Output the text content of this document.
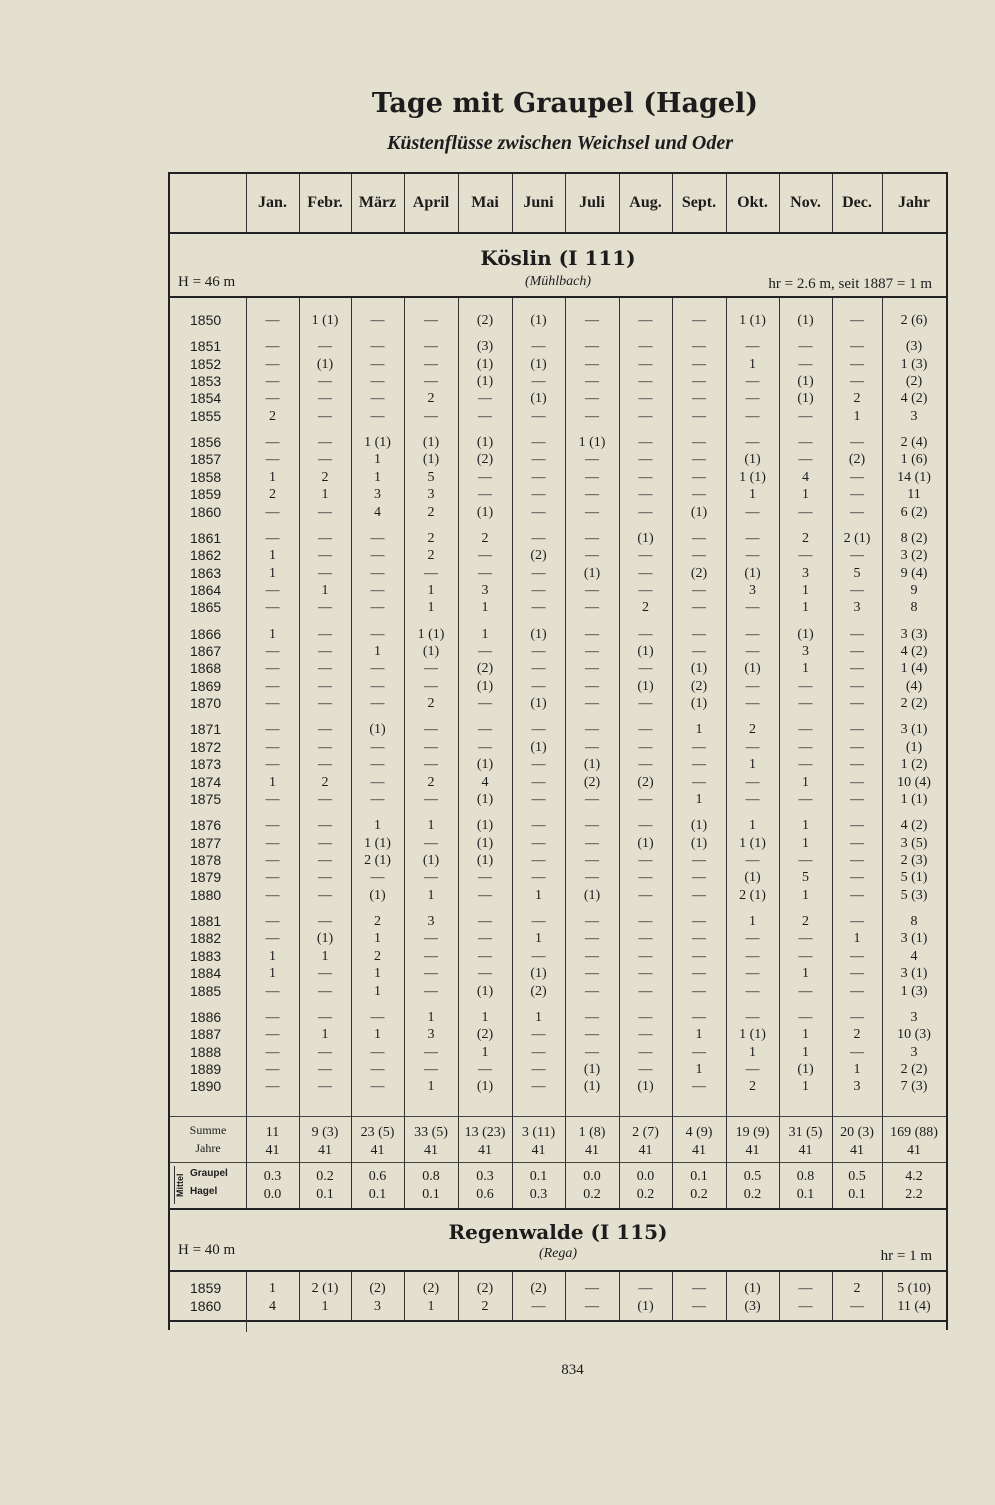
Tage mit Graupel (Hagel)
Küstenflüsse zwischen Weichsel und Oder
Jan.	Febr.	März	April	Mai	Juni	Juli	Aug.	Sept.	Okt.	Nov.	Dec.	Jahr
Köslin (I 111)
(Mühlbach)
H = 46 m	hr = 2.6 m, seit 1887 = 1 m
1850	—	1 (1)	—	—	(2)	(1)	—	—	—	1 (1)	(1)	—	2 (6)
1851	—	—	—	—	(3)	—	—	—	—	—	—	—	(3)
1852	—	(1)	—	—	(1)	(1)	—	—	—	1	—	—	1 (3)
1853	—	—	—	—	(1)	—	—	—	—	—	(1)	—	(2)
1854	—	—	—	2	—	(1)	—	—	—	—	(1)	2	4 (2)
1855	2	—	—	—	—	—	—	—	—	—	—	1	3
1856	—	—	1 (1)	(1)	(1)	—	1 (1)	—	—	—	—	—	2 (4)
1857	—	—	1	(1)	(2)	—	—	—	—	(1)	—	(2)	1 (6)
1858	1	2	1	5	—	—	—	—	—	1 (1)	4	—	14 (1)
1859	2	1	3	3	—	—	—	—	—	1	1	—	11
1860	—	—	4	2	(1)	—	—	—	(1)	—	—	—	6 (2)
1861	—	—	—	2	2	—	—	(1)	—	—	2	2 (1)	8 (2)
1862	1	—	—	2	—	(2)	—	—	—	—	—	—	3 (2)
1863	1	—	—	—	—	—	(1)	—	(2)	(1)	3	5	9 (4)
1864	—	1	—	1	3	—	—	—	—	3	1	—	9
1865	—	—	—	1	1	—	—	2	—	—	1	3	8
1866	1	—	—	1 (1)	1	(1)	—	—	—	—	(1)	—	3 (3)
1867	—	—	1	(1)	—	—	—	(1)	—	—	3	—	4 (2)
1868	—	—	—	—	(2)	—	—	—	(1)	(1)	1	—	1 (4)
1869	—	—	—	—	(1)	—	—	(1)	(2)	—	—	—	(4)
1870	—	—	—	2	—	(1)	—	—	(1)	—	—	—	2 (2)
1871	—	—	(1)	—	—	—	—	—	1	2	—	—	3 (1)
1872	—	—	—	—	—	(1)	—	—	—	—	—	—	(1)
1873	—	—	—	—	(1)	—	(1)	—	—	1	—	—	1 (2)
1874	1	2	—	2	4	—	(2)	(2)	—	—	1	—	10 (4)
1875	—	—	—	—	(1)	—	—	—	1	—	—	—	1 (1)
1876	—	—	1	1	(1)	—	—	—	(1)	1	1	—	4 (2)
1877	—	—	1 (1)	—	(1)	—	—	(1)	(1)	1 (1)	1	—	3 (5)
1878	—	—	2 (1)	(1)	(1)	—	—	—	—	—	—	—	2 (3)
1879	—	—	—	—	—	—	—	—	—	(1)	5	—	5 (1)
1880	—	—	(1)	1	—	1	(1)	—	—	2 (1)	1	—	5 (3)
1881	—	—	2	3	—	—	—	—	—	1	2	—	8
1882	—	(1)	1	—	—	1	—	—	—	—	—	1	3 (1)
1883	1	1	2	—	—	—	—	—	—	—	—	—	4
1884	1	—	1	—	—	(1)	—	—	—	—	1	—	3 (1)
1885	—	—	1	—	(1)	(2)	—	—	—	—	—	—	1 (3)
1886	—	—	—	1	1	1	—	—	—	—	—	—	3
1887	—	1	1	3	(2)	—	—	—	1	1 (1)	1	2	10 (3)
1888	—	—	—	—	1	—	—	—	—	1	1	—	3
1889	—	—	—	—	—	—	(1)	—	1	—	(1)	1	2 (2)
1890	—	—	—	1	(1)	—	(1)	(1)	—	2	1	3	7 (3)
Summe
Jahre
11	9 (3)	23 (5)	33 (5)	13 (23)	3 (11)	1 (8)	2 (7)	4 (9)	19 (9)	31 (5)	20 (3)	169 (88)
41	41	41	41	41	41	41	41	41	41	41	41	41
Mittel Graupel
Hagel
0.3	0.2	0.6	0.8	0.3	0.1	0.0	0.0	0.1	0.5	0.8	0.5	4.2
0.0	0.1	0.1	0.1	0.6	0.3	0.2	0.2	0.2	0.2	0.1	0.1	2.2
Regenwalde (I 115)
(Rega)
H = 40 m	hr = 1 m
1859	1	2 (1)	(2)	(2)	(2)	(2)	—	—	—	(1)	—	2	5 (10)
1860	4	1	3	1	2	—	—	(1)	—	(3)	—	—	11 (4)
834
